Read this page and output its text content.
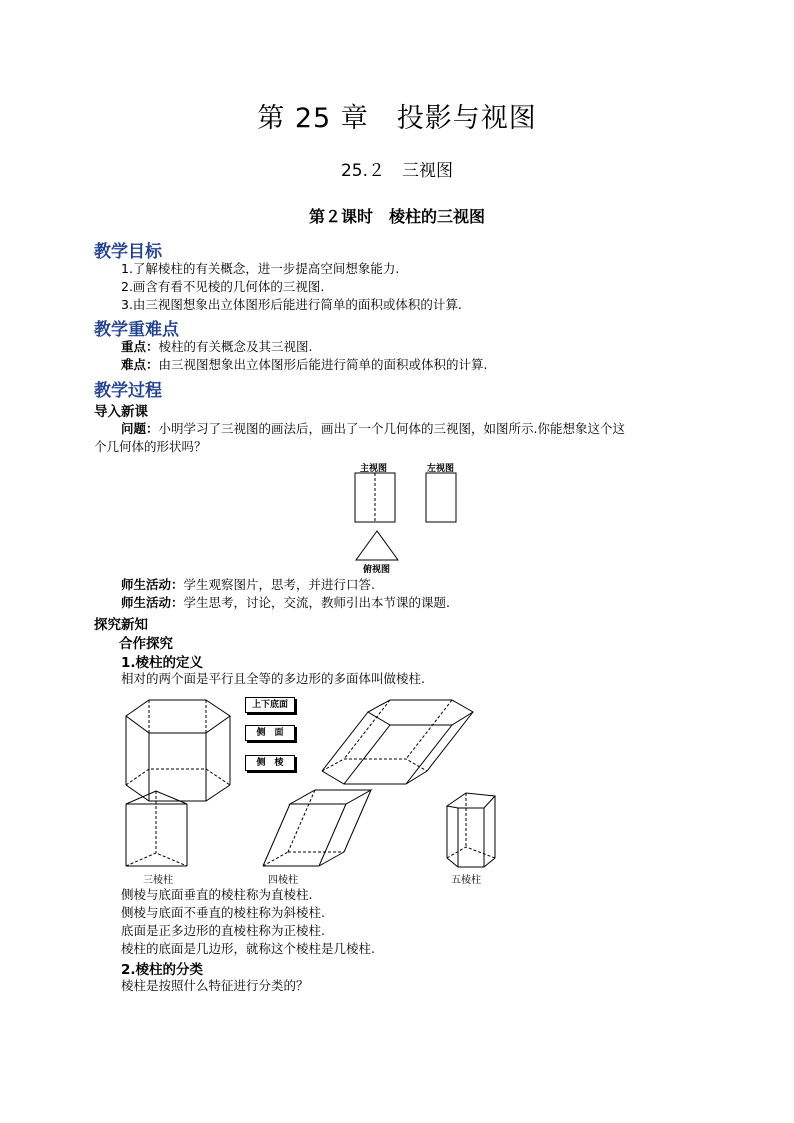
第 25 章　投影与视图
25.２　三视图
第２课时　棱柱的三视图
教学目标
1.了解棱柱的有关概念，进一步提高空间想象能力.
2.画含有看不见棱的几何体的三视图.
3.由三视图想象出立体图形后能进行简单的面积或体积的计算.
教学重难点
重点：棱柱的有关概念及其三视图.
难点：由三视图想象出立体图形后能进行简单的面积或体积的计算.
教学过程
导入新课
问题：小明学习了三视图的画法后，画出了一个几何体的三视图，如图所示.你能想象这个这
个几何体的形状吗？
主视图	左视图
俯视图
师生活动：学生观察图片，思考，并进行口答.
师生活动：学生思考，讨论，交流，教师引出本节课的课题.
探究新知
合作探究
1.棱柱的定义
相对的两个面是平行且全等的多边形的多面体叫做棱柱.
上下底面
侧　面
侧　棱
三棱柱	四棱柱	五棱柱
侧棱与底面垂直的棱柱称为直棱柱.
侧棱与底面不垂直的棱柱称为斜棱柱.
底面是正多边形的直棱柱称为正棱柱.
棱柱的底面是几边形，就称这个棱柱是几棱柱.
2.棱柱的分类
棱柱是按照什么特征进行分类的？
